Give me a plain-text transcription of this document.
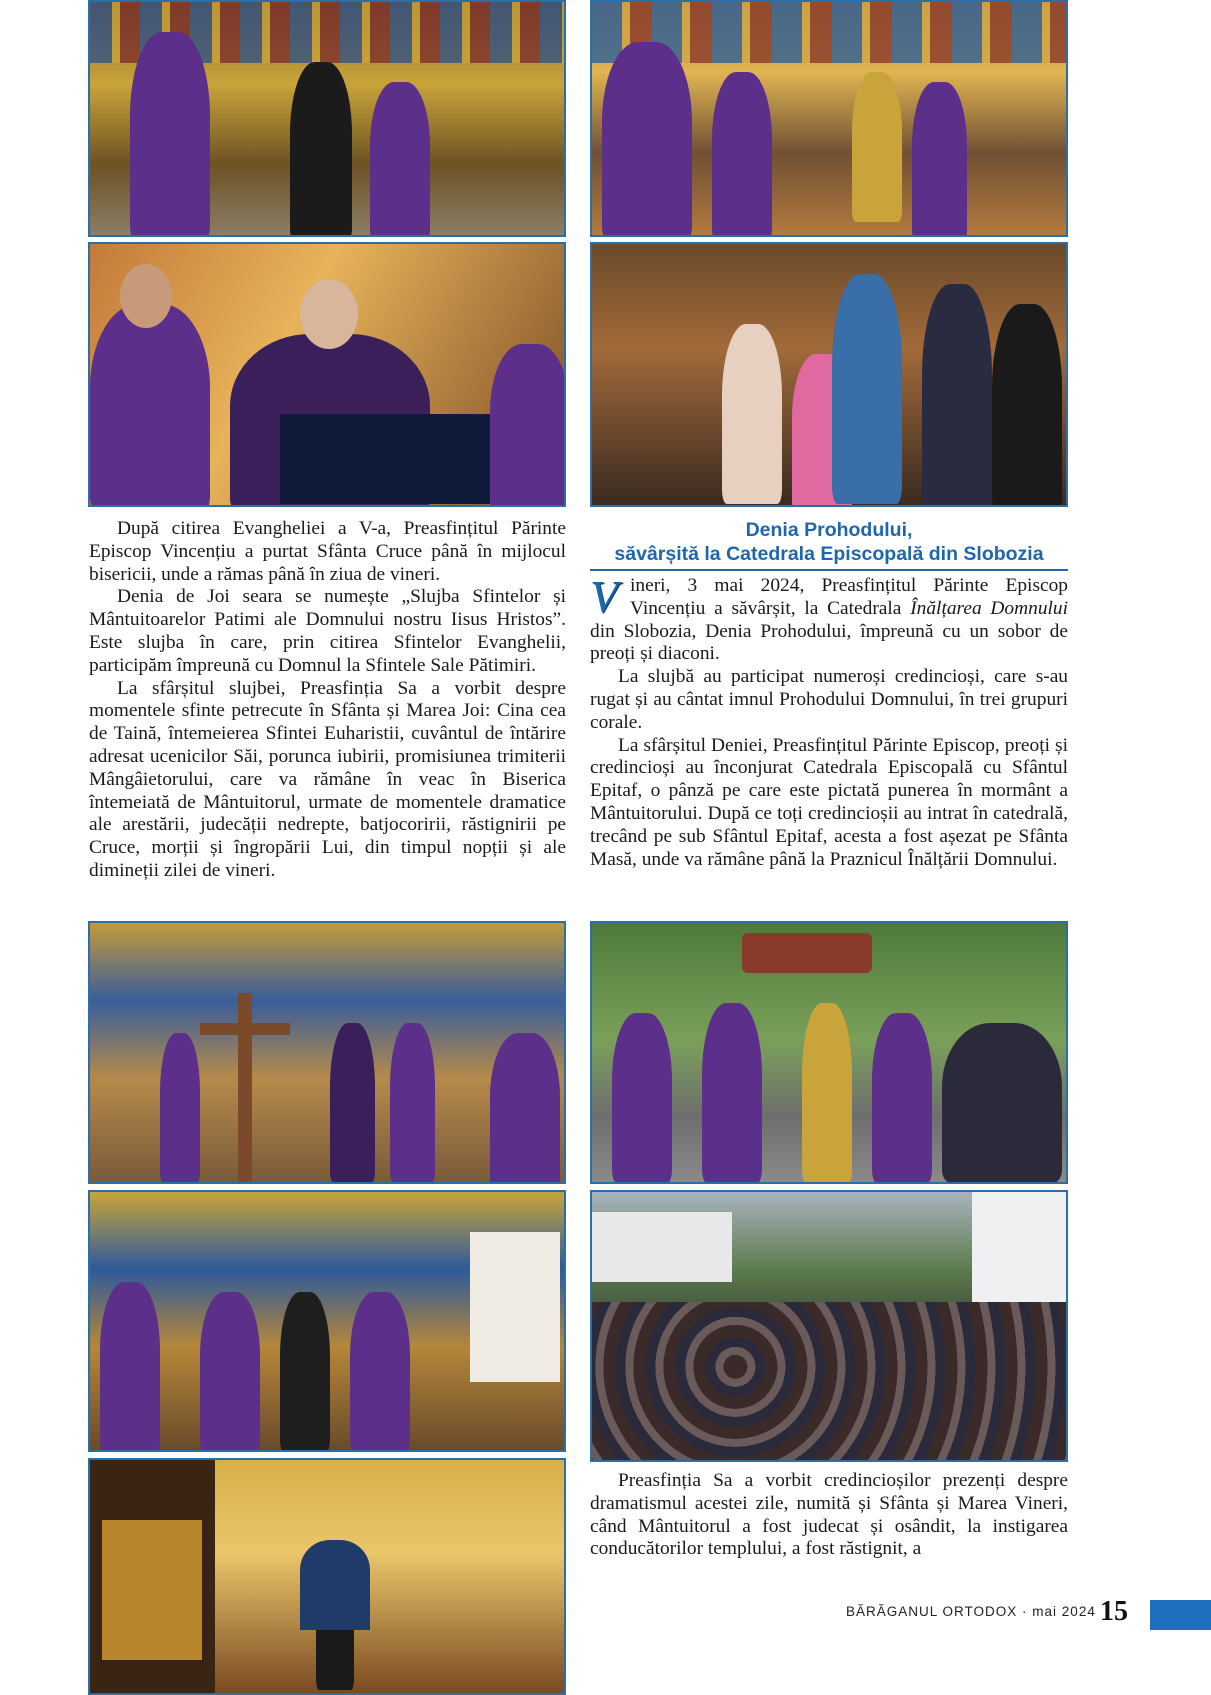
După citirea Evangheliei a V-a, Preasfințitul Părinte Episcop Vincențiu a purtat Sfânta Cruce până în mijlocul bisericii, unde a rămas până în ziua de vineri.

Denia de Joi seara se numește „Slujba Sfintelor și Mântuitoarelor Patimi ale Domnului nostru Iisus Hristos”. Este slujba în care, prin citirea Sfintelor Evanghelii, participăm împreună cu Domnul la Sfintele Sale Pătimiri.

La sfârșitul slujbei, Preasfinția Sa a vorbit despre momentele sfinte petrecute în Sfânta și Marea Joi: Cina cea de Taină, întemeierea Sfintei Euharistii, cuvântul de întărire adresat ucenicilor Săi, porunca iubirii, promisiunea trimiterii Mângâietorului, care va rămâne în veac în Biserica întemeiată de Mântuitorul, urmate de momentele dramatice ale arestării, judecății nedrepte, batjocoririi, răstignirii pe Cruce, morții și îngropării Lui, din timpul nopții și ale dimineții zilei de vineri.

Denia Prohodului,
săvârșită la Catedrala Episcopală din Slobozia
Vineri, 3 mai 2024, Preasfințitul Părinte Episcop Vincențiu a săvârșit, la Catedrala Înălțarea Domnului din Slobozia, Denia Prohodului, împreună cu un sobor de preoți și diaconi.

La slujbă au participat numeroși credincioși, care s-au rugat și au cântat imnul Prohodului Domnului, în trei grupuri corale.

La sfârșitul Deniei, Preasfințitul Părinte Episcop, preoți și credincioși au înconjurat Catedrala Episcopală cu Sfântul Epitaf, o pânză pe care este pictată punerea în mormânt a Mântuitorului. După ce toți credincioșii au intrat în catedrală, trecând pe sub Sfântul Epitaf, acesta a fost așezat pe Sfânta Masă, unde va rămâne până la Praznicul Înălțării Domnului.

Preasfinția Sa a vorbit credincioșilor prezenți despre dramatismul acestei zile, numită și Sfânta și Marea Vineri, când Mântuitorul a fost judecat și osândit, la instigarea conducătorilor templului, a fost răstignit, a

BĂRĂGANUL ORTODOX · mai 2024 15
